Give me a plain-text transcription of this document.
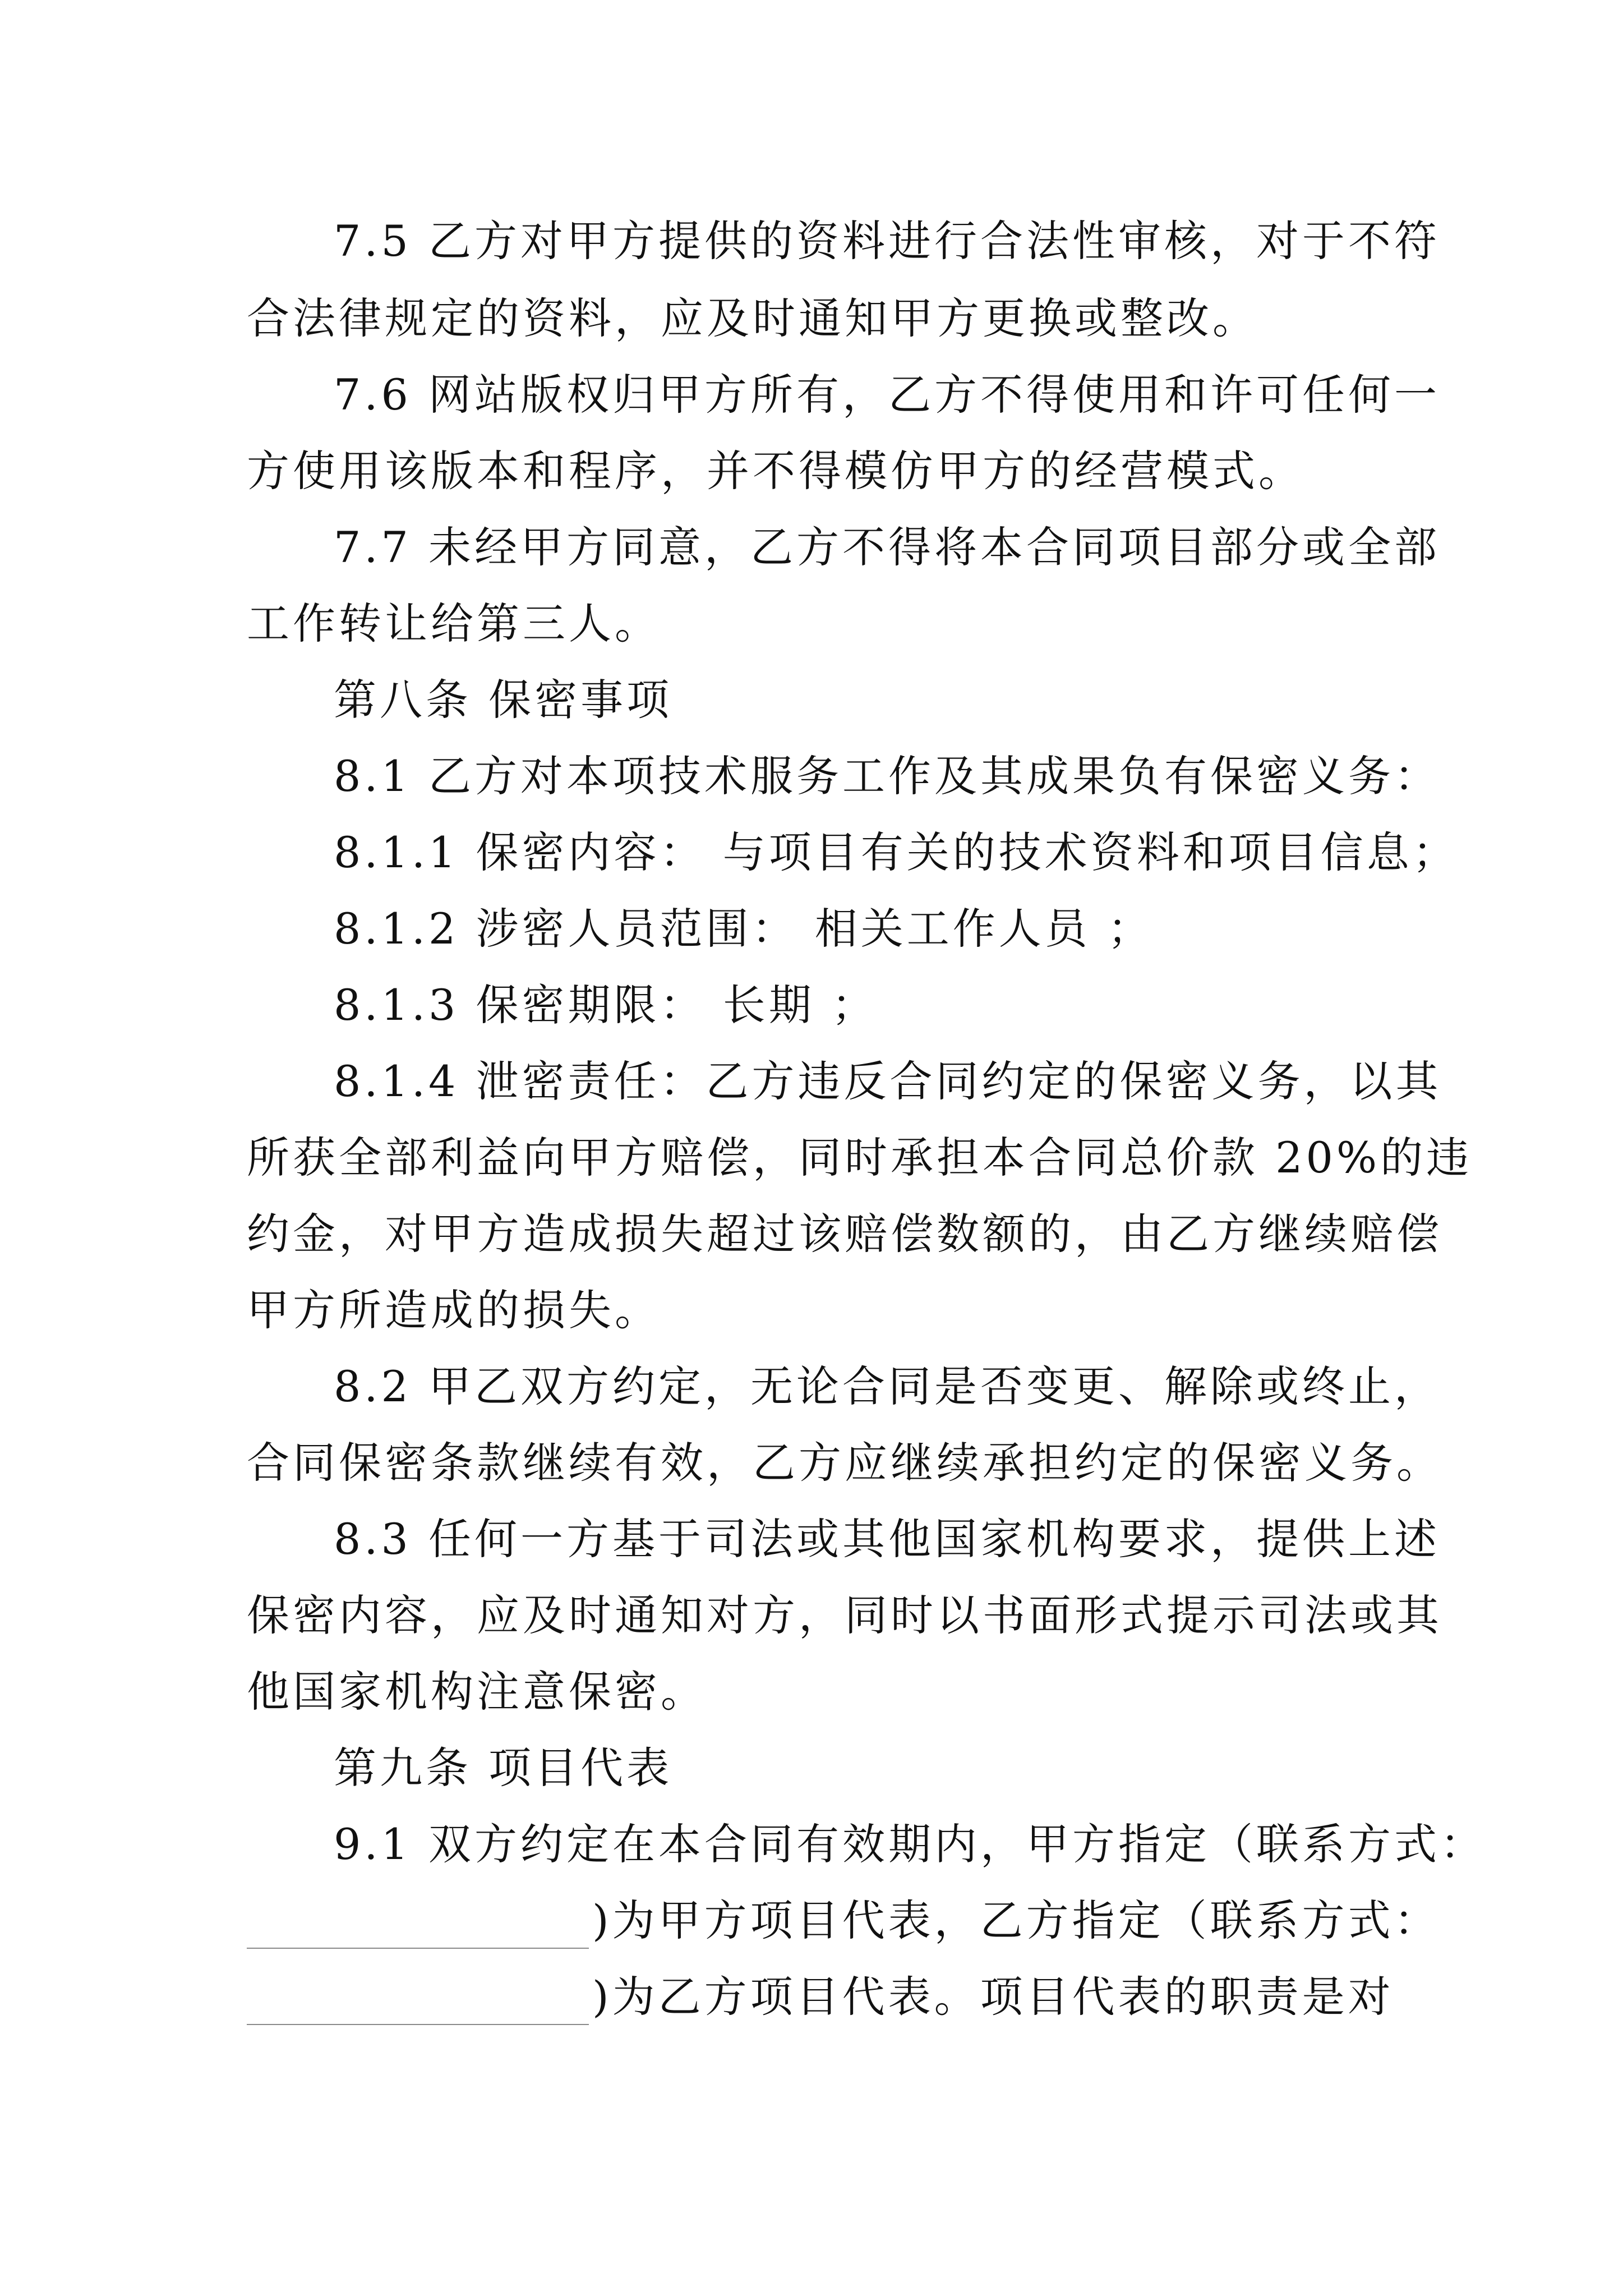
7.5 乙方对甲方提供的资料进行合法性审核，对于不符
合法律规定的资料，应及时通知甲方更换或整改。
7.6 网站版权归甲方所有，乙方不得使用和许可任何一
方使用该版本和程序，并不得模仿甲方的经营模式。
7.7 未经甲方同意，乙方不得将本合同项目部分或全部
工作转让给第三人。
第八条 保密事项
8.1 乙方对本项技术服务工作及其成果负有保密义务：
8.1.1 保密内容： 与项目有关的技术资料和项目信息；
8.1.2 涉密人员范围： 相关工作人员 ；
8.1.3 保密期限： 长期 ；
8.1.4 泄密责任：乙方违反合同约定的保密义务，以其
所获全部利益向甲方赔偿，同时承担本合同总价款 20%的违
约金，对甲方造成损失超过该赔偿数额的，由乙方继续赔偿
甲方所造成的损失。
8.2 甲乙双方约定，无论合同是否变更、解除或终止，
合同保密条款继续有效，乙方应继续承担约定的保密义务。
8.3 任何一方基于司法或其他国家机构要求，提供上述
保密内容，应及时通知对方，同时以书面形式提示司法或其
他国家机构注意保密。
第九条 项目代表
9.1 双方约定在本合同有效期内，甲方指定（联系方式：
)为甲方项目代表，乙方指定（联系方式：
)为乙方项目代表。项目代表的职责是对
